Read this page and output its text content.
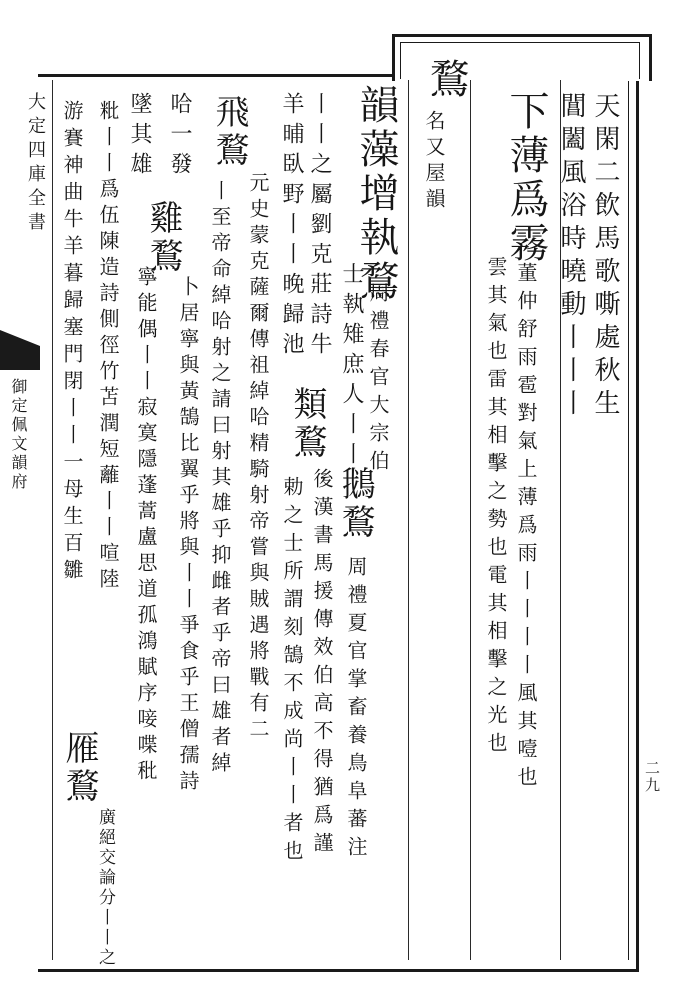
天閑二飲馬歌嘶處秋生
閶闔風浴時曉動丨丨丨
下薄爲霧
董仲舒雨雹對氣上薄爲雨丨丨丨丨風其噎也
雲其氣也雷其相擊之勢也電其相擊之光也
鶩
名又屋韻
韻藻增執鶩
周禮春官大宗伯
士執雉庶人丨丨
鵝鶩
周禮夏官掌畜養鳥阜蕃注
丨丨之屬劉克莊詩牛
類鶩
後漢書馬援傳效伯高不得猶爲謹
羊晡臥野丨丨晚歸池
勅之士所謂刻鵠不成尚丨丨者也
飛鶩
元史蒙克薩爾傳祖綽哈精騎射帝嘗與賊遇將戰有二
丨至帝命綽哈射之請曰射其雄乎抑雌者乎帝曰雄者綽
哈一發
雞鶩
卜居寧與黃鵠比翼乎將與丨丨爭食乎王僧孺詩
墜其雄
寧能偶丨丨寂寞隱蓬蒿盧思道孤鴻賦序唼喋秕
粃丨丨爲伍陳造詩側徑竹苫潤短蘺丨丨喧陸
游賽神曲牛羊暮歸塞門閉丨丨一母生百雛
雁鶩
廣絕交論分丨丨之
大定四庫全書
御定佩文韻府
二九
